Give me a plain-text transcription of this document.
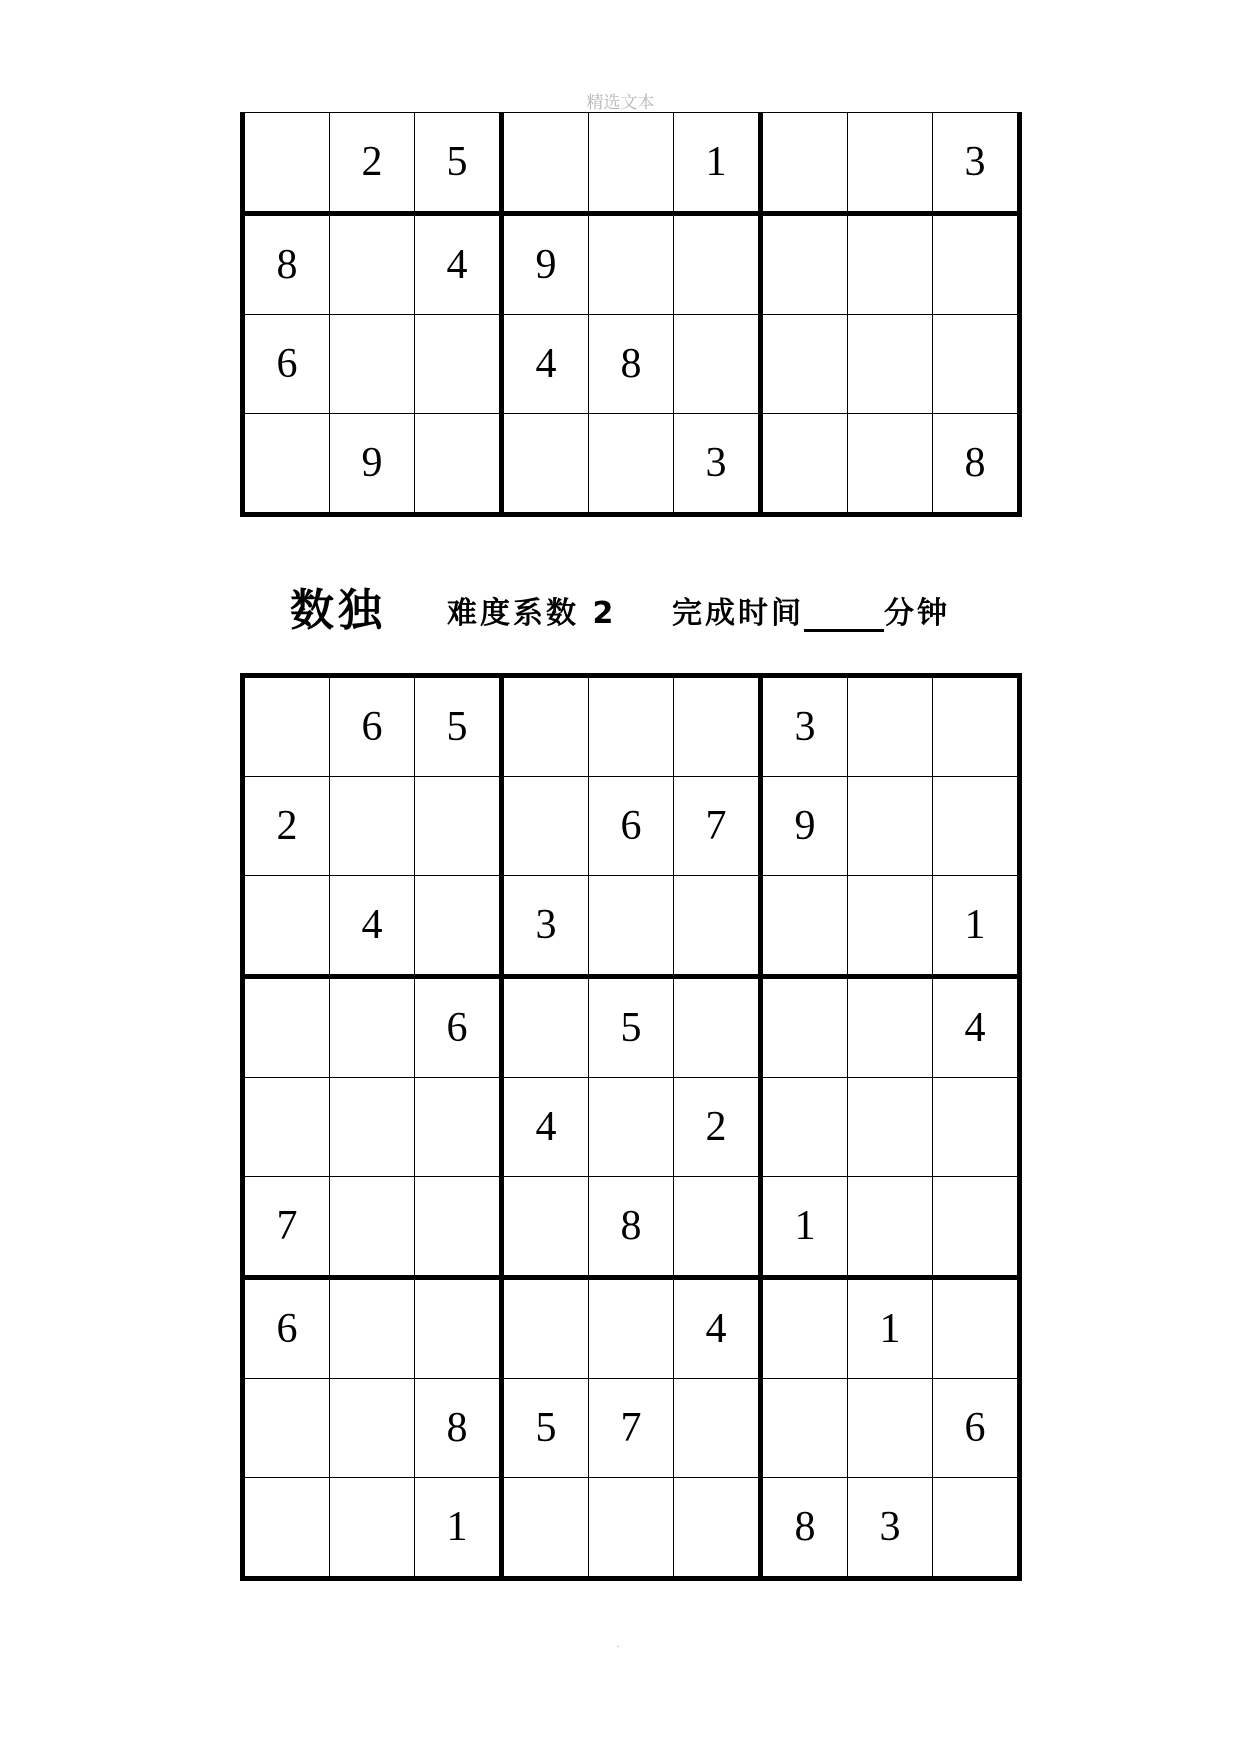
精选文本
	2	5			1			3
8		4	9					
6			4	8				
	9				3			8
数独 难度系数 2 完成时间	分钟
	6	5				3		
2				6	7	9		
	4		3					1
		6		5				4
			4		2			
7				8		1		
6					4		1	
		8	5	7				6
		1				8	3	
.
